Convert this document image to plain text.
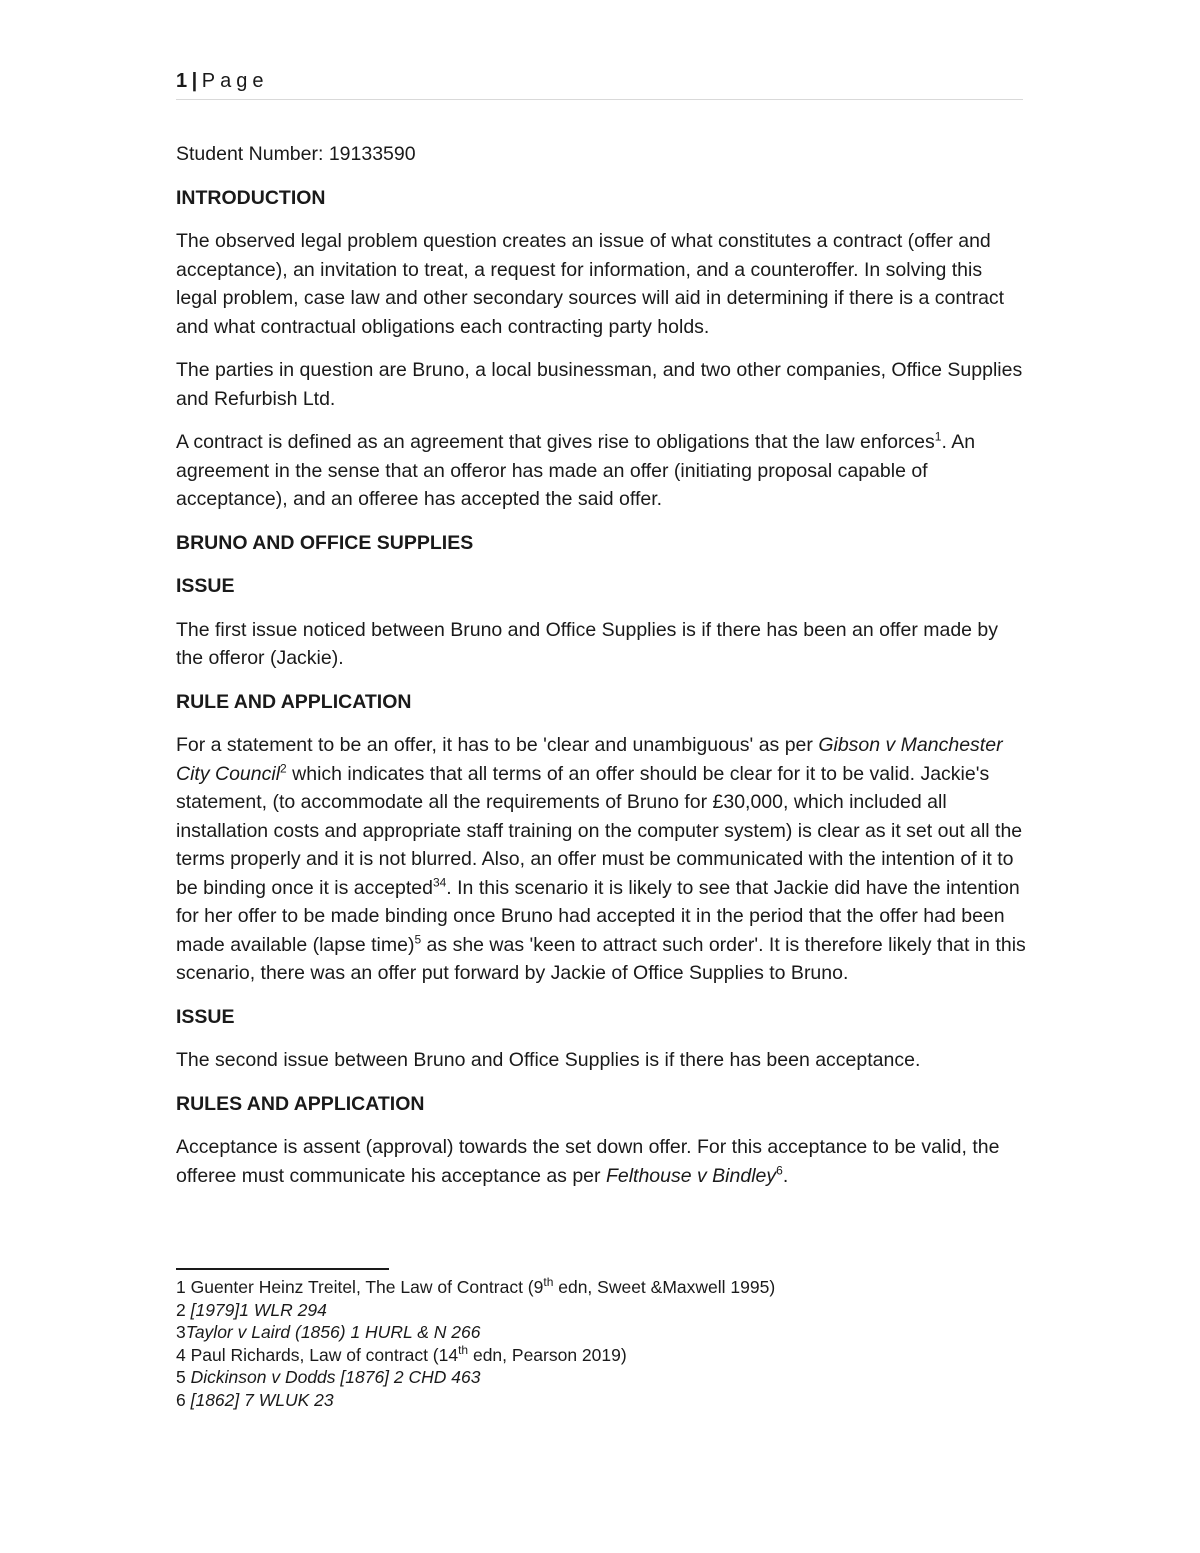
1 | Page

Student Number: 19133590

INTRODUCTION

The observed legal problem question creates an issue of what constitutes a contract (offer and acceptance), an invitation to treat, a request for information, and a counteroffer. In solving this legal problem, case law and other secondary sources will aid in determining if there is a contract and what contractual obligations each contracting party holds.

The parties in question are Bruno, a local businessman, and two other companies, Office Supplies and Refurbish Ltd.

A contract is defined as an agreement that gives rise to obligations that the law enforces$^1$. An agreement in the sense that an offeror has made an offer (initiating proposal capable of acceptance), and an offeree has accepted the said offer.

BRUNO AND OFFICE SUPPLIES
ISSUE

The first issue noticed between Bruno and Office Supplies is if there has been an offer made by the offeror (Jackie).

RULE AND APPLICATION

For a statement to be an offer, it has to be 'clear and unambiguous' as per Gibson v Manchester City Council$^2$ which indicates that all terms of an offer should be clear for it to be valid. Jackie's statement, (to accommodate all the requirements of Bruno for £30,000, which included all installation costs and appropriate staff training on the computer system) is clear as it set out all the terms properly and it is not blurred. Also, an offer must be communicated with the intention of it to be binding once it is accepted$^{34}$. In this scenario it is likely to see that Jackie did have the intention for her offer to be made binding once Bruno had accepted it in the period that the offer had been made available (lapse time)$^5$ as she was 'keen to attract such order'. It is therefore likely that in this scenario, there was an offer put forward by Jackie of Office Supplies to Bruno.

ISSUE

The second issue between Bruno and Office Supplies is if there has been acceptance.

RULES AND APPLICATION

Acceptance is assent (approval) towards the set down offer. For this acceptance to be valid, the offeree must communicate his acceptance as per Felthouse v Bindley$^6$.

1 Guenter Heinz Treitel, The Law of Contract (9th edn, Sweet &Maxwell 1995)
2 [1979]1 WLR 294
3Taylor v Laird (1856) 1 HURL & N 266
4 Paul Richards, Law of contract (14th edn, Pearson 2019)
5 Dickinson v Dodds [1876] 2 CHD 463
6 [1862] 7 WLUK 23
